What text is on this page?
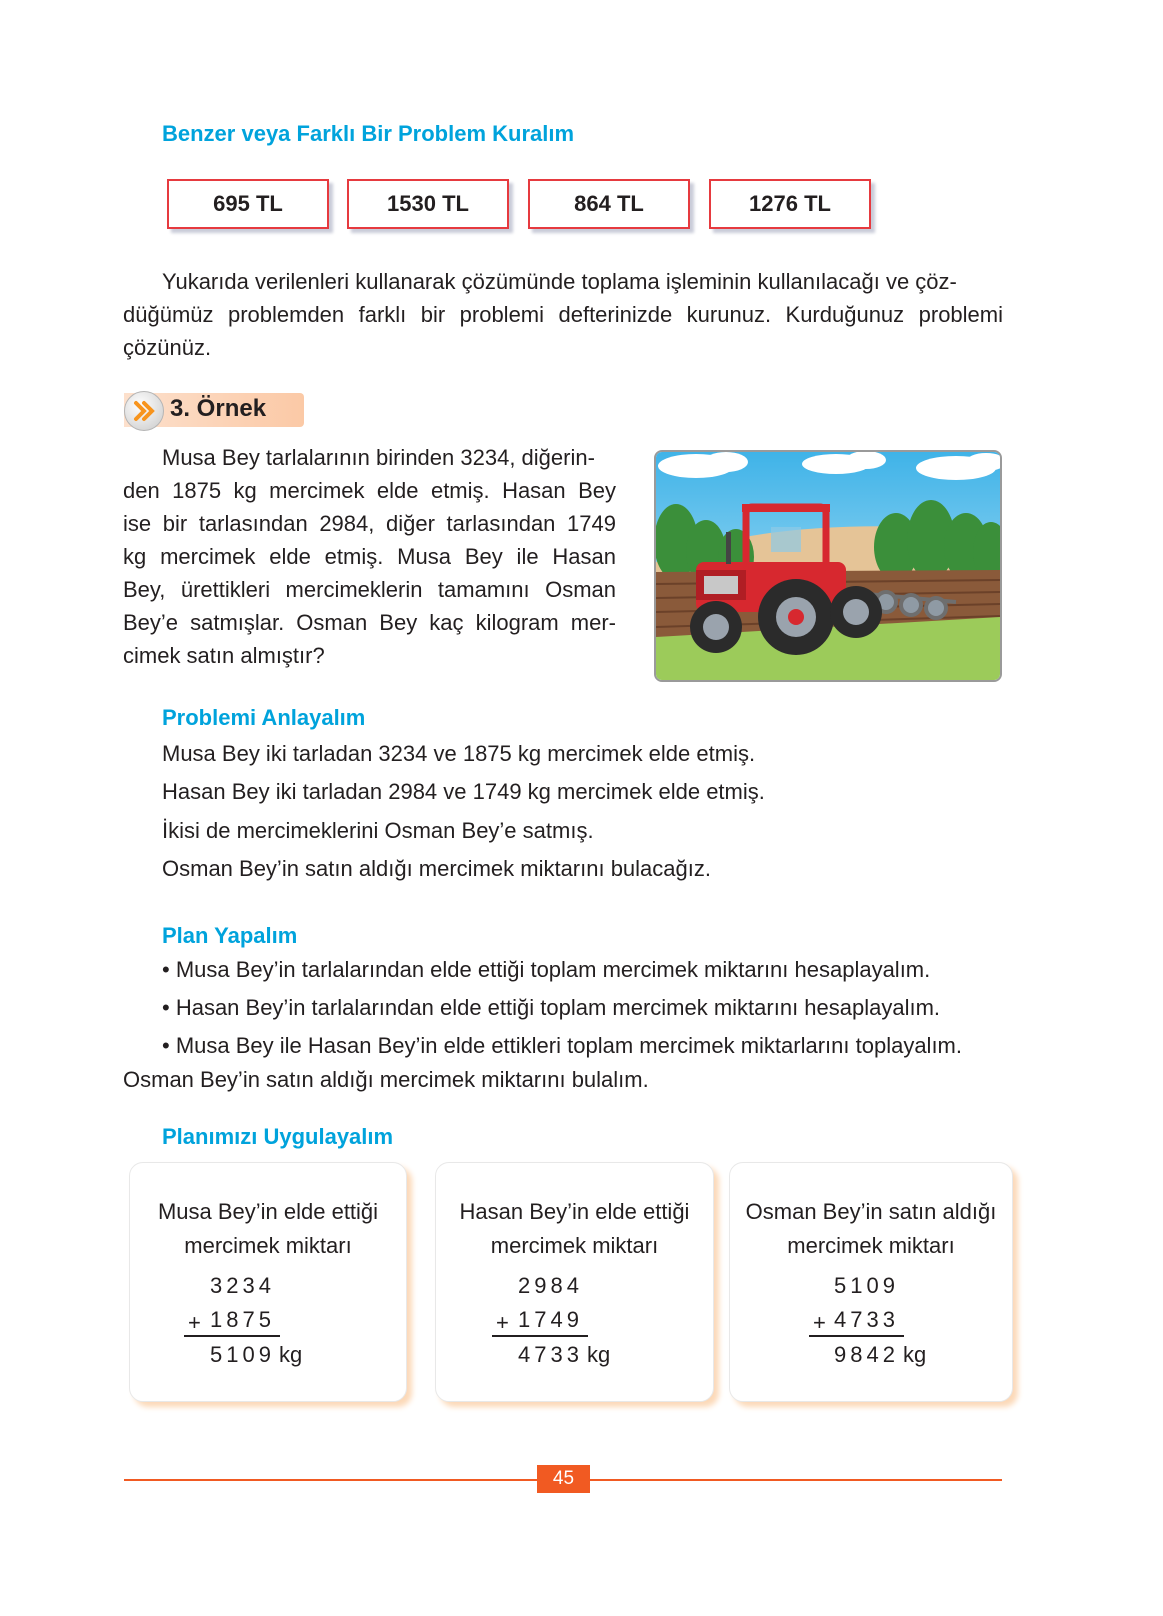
Benzer veya Farklı Bir Problem Kuralım
695 TL	1530 TL	864 TL	1276 TL
Yukarıda verilenleri kullanarak çözümünde toplama işleminin kullanılacağı ve çöz-
düğümüz problemden farklı bir problemi defterinizde kurunuz. Kurduğunuz problemi
çözünüz.
3. Örnek
Musa Bey tarlalarının birinden 3234, diğerin-
den 1875 kg mercimek elde etmiş. Hasan Bey
ise bir tarlasından 2984, diğer tarlasından 1749
kg mercimek elde etmiş. Musa Bey ile Hasan
Bey, ürettikleri mercimeklerin tamamını Osman
Bey’e satmışlar. Osman Bey kaç kilogram mer-
cimek satın almıştır?
Problemi Anlayalım
Musa Bey iki tarladan 3234 ve 1875 kg mercimek elde etmiş.
Hasan Bey iki tarladan 2984 ve 1749 kg mercimek elde etmiş.
İkisi de mercimeklerini Osman Bey’e satmış.
Osman Bey’in satın aldığı mercimek miktarını bulacağız.
Plan Yapalım
• Musa Bey’in tarlalarından elde ettiği toplam mercimek miktarını hesaplayalım.
• Hasan Bey’in tarlalarından elde ettiği toplam mercimek miktarını hesaplayalım.
• Musa Bey ile Hasan Bey’in elde ettikleri toplam mercimek miktarlarını toplayalım.
Osman Bey’in satın aldığı mercimek miktarını bulalım.
Planımızı Uygulayalım
Musa Bey’in elde ettiği
mercimek miktarı
3234
+ 1875
5109 kg
Hasan Bey’in elde ettiği
mercimek miktarı
2984
+ 1749
4733 kg
Osman Bey’in satın aldığı
mercimek miktarı
5109
+ 4733
9842 kg
45
